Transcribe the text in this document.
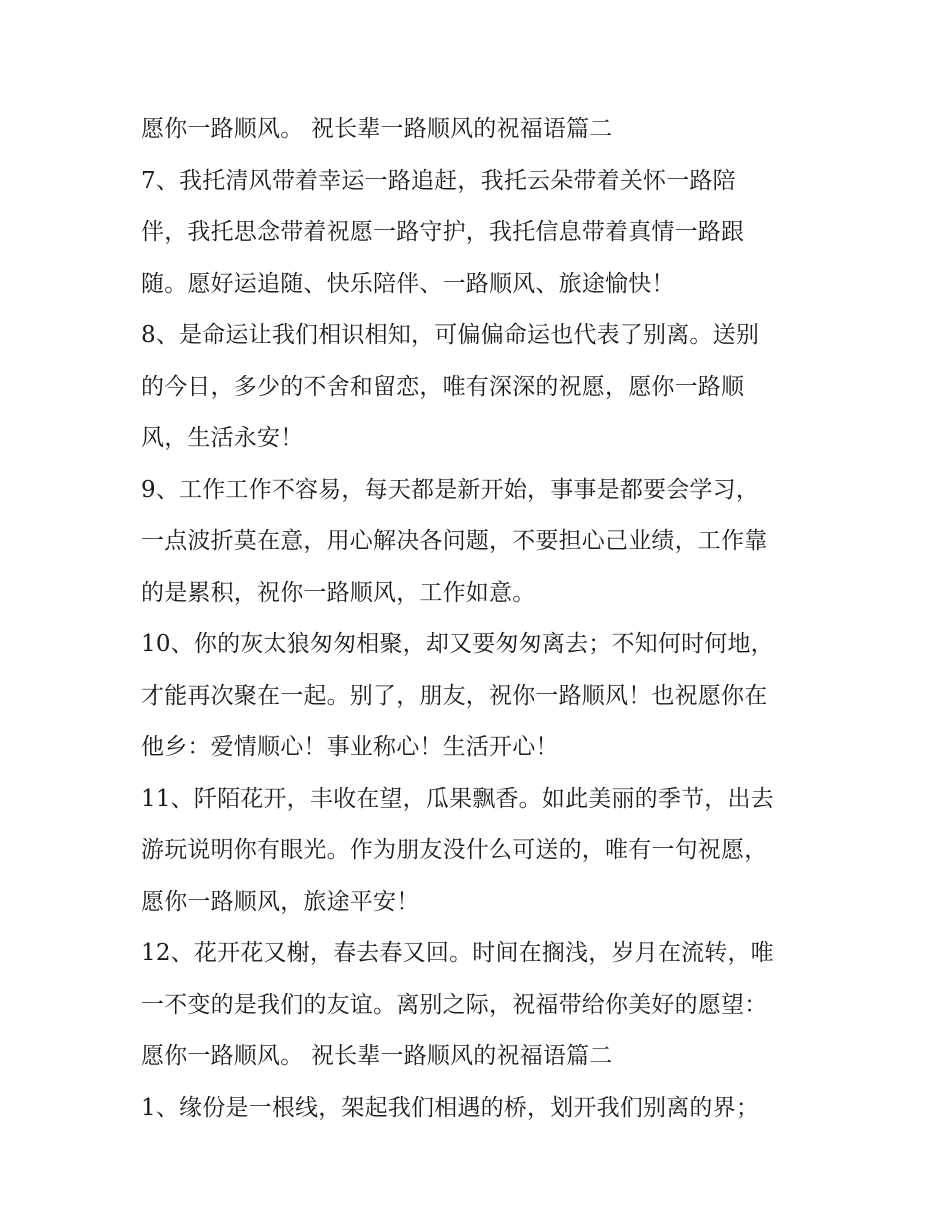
愿你一路顺风。 祝长辈一路顺风的祝福语篇二
7、我托清风带着幸运一路追赶，我托云朵带着关怀一路陪
伴，我托思念带着祝愿一路守护，我托信息带着真情一路跟
随。愿好运追随、快乐陪伴、一路顺风、旅途愉快！
8、是命运让我们相识相知，可偏偏命运也代表了别离。送别
的今日，多少的不舍和留恋，唯有深深的祝愿，愿你一路顺
风，生活永安！
9、工作工作不容易，每天都是新开始，事事是都要会学习，
一点波折莫在意，用心解决各问题，不要担心己业绩，工作靠
的是累积，祝你一路顺风，工作如意。
10、你的灰太狼匆匆相聚，却又要匆匆离去；不知何时何地，
才能再次聚在一起。别了，朋友，祝你一路顺风！也祝愿你在
他乡：爱情顺心！事业称心！生活开心！
11、阡陌花开，丰收在望，瓜果飘香。如此美丽的季节，出去
游玩说明你有眼光。作为朋友没什么可送的，唯有一句祝愿，
愿你一路顺风，旅途平安！
12、花开花又榭，春去春又回。时间在搁浅，岁月在流转，唯
一不变的是我们的友谊。离别之际，祝福带给你美好的愿望：
愿你一路顺风。 祝长辈一路顺风的祝福语篇二
1、缘份是一根线，架起我们相遇的桥，划开我们别离的界；
